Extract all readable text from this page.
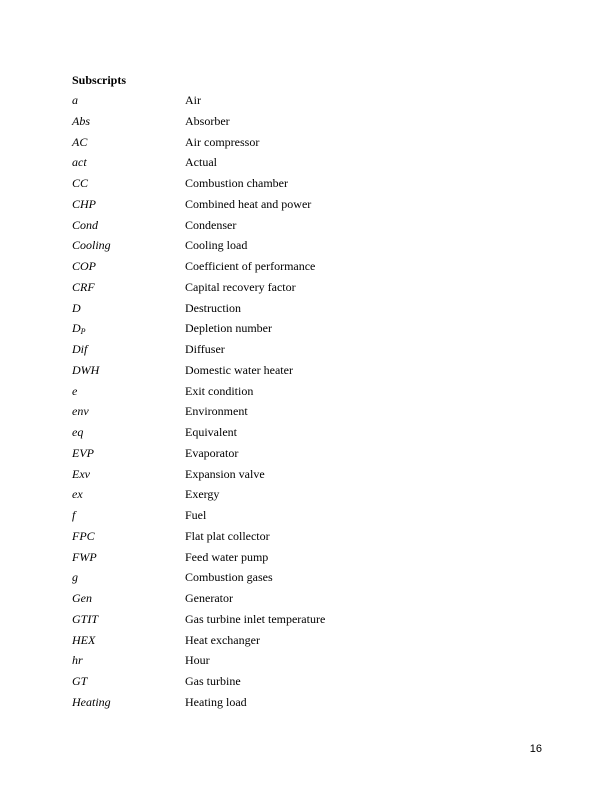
Subscripts

a	Air
Abs	Absorber
AC	Air compressor
act	Actual
CC	Combustion chamber
CHP	Combined heat and power
Cond	Condenser
Cooling	Cooling load
COP	Coefficient of performance
CRF	Capital recovery factor
D	Destruction
$D_P$	Depletion number
Dif	Diffuser
DWH	Domestic water heater
e	Exit condition
env	Environment
eq	Equivalent
EVP	Evaporator
Exv	Expansion valve
ex	Exergy
f	Fuel
FPC	Flat plat collector
FWP	Feed water pump
g	Combustion gases
Gen	Generator
GTIT	Gas turbine inlet temperature
HEX	Heat exchanger
hr	Hour
GT	Gas turbine
Heating	Heating load
16
